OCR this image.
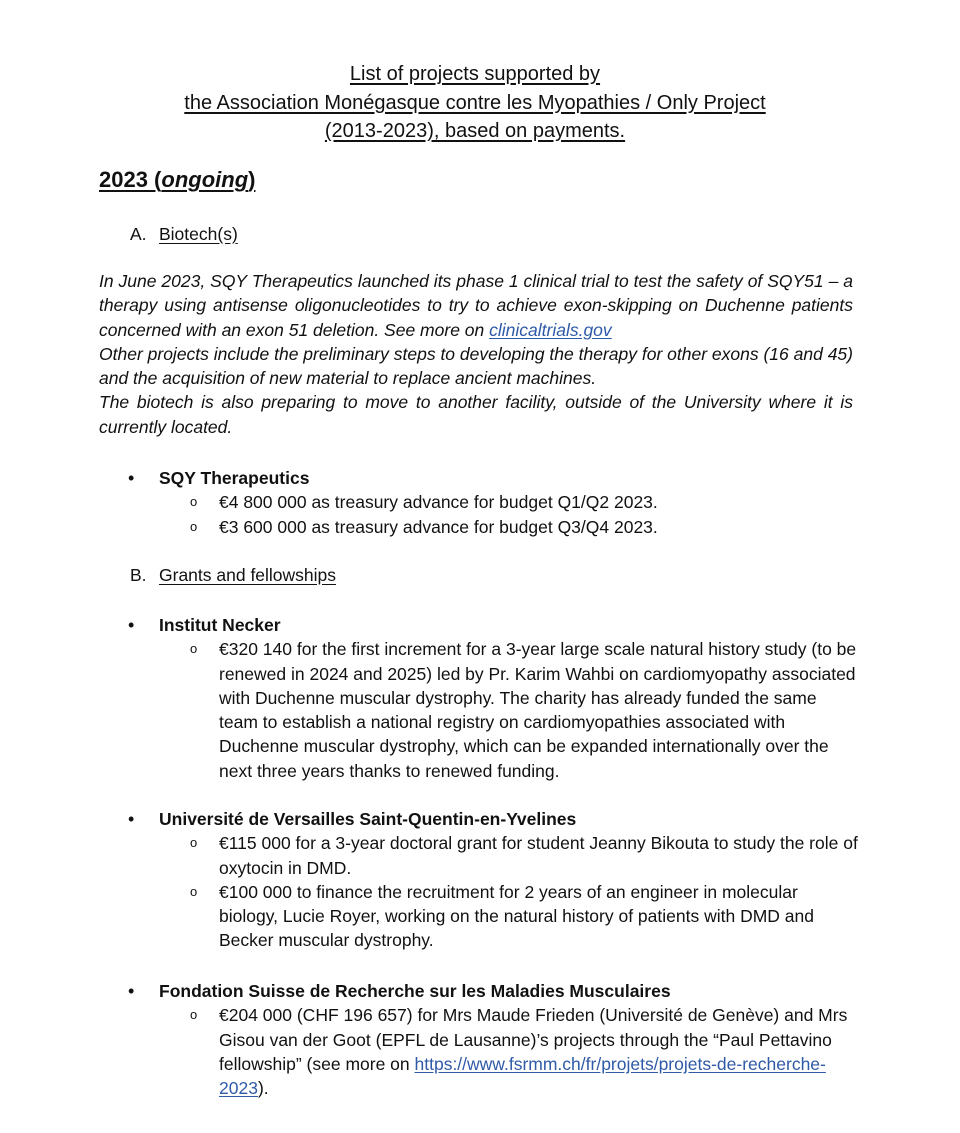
List of projects supported by
the Association Monégasque contre les Myopathies / Only Project
(2013-2023), based on payments.
2023 (ongoing)
A. Biotech(s)

In June 2023, SQY Therapeutics launched its phase 1 clinical trial to test the safety of SQY51 – a therapy using antisense oligonucleotides to try to achieve exon-skipping on Duchenne patients concerned with an exon 51 deletion. See more on clinicaltrials.gov

Other projects include the preliminary steps to developing the therapy for other exons (16 and 45) and the acquisition of new material to replace ancient machines.

The biotech is also preparing to move to another facility, outside of the University where it is currently located.

• SQY Therapeutics
o €4 800 000 as treasury advance for budget Q1/Q2 2023.
o €3 600 000 as treasury advance for budget Q3/Q4 2023.
B. Grants and fellowships
• Institut Necker
o €320 140 for the first increment for a 3-year large scale natural history study (to be renewed in 2024 and 2025) led by Pr. Karim Wahbi on cardiomyopathy associated with Duchenne muscular dystrophy. The charity has already funded the same team to establish a national registry on cardiomyopathies associated with Duchenne muscular dystrophy, which can be expanded internationally over the next three years thanks to renewed funding.
• Université de Versailles Saint-Quentin-en-Yvelines
o €115 000 for a 3-year doctoral grant for student Jeanny Bikouta to study the role of oxytocin in DMD.
o €100 000 to finance the recruitment for 2 years of an engineer in molecular biology, Lucie Royer, working on the natural history of patients with DMD and Becker muscular dystrophy.
• Fondation Suisse de Recherche sur les Maladies Musculaires
o €204 000 (CHF 196 657) for Mrs Maude Frieden (Université de Genève) and Mrs Gisou van der Goot (EPFL de Lausanne)’s projects through the “Paul Pettavino fellowship” (see more on https://www.fsrmm.ch/fr/projets/projets-de-recherche-2023).
